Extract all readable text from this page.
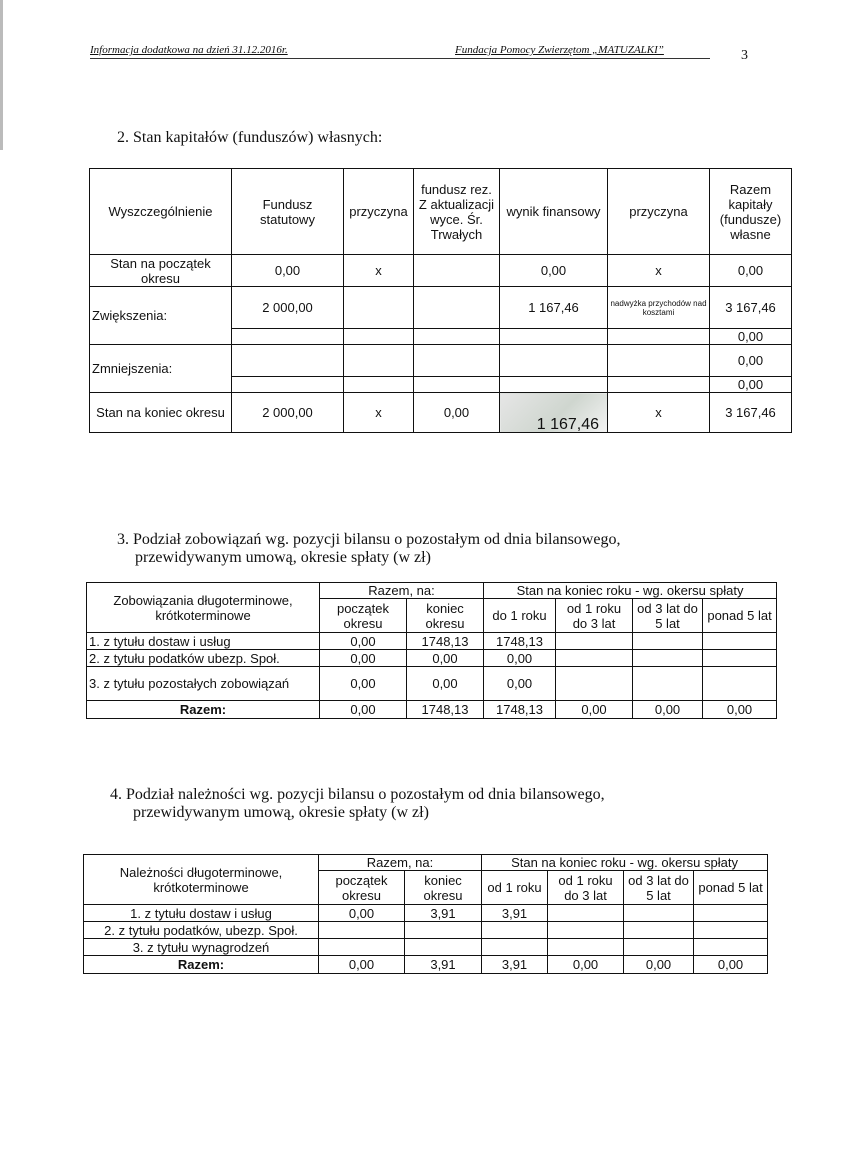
Informacja dodatkowa na dzień 31.12.2016r.	Fundacja Pomocy Zwierzętom „MATUZALKI”	3
2. Stan kapitałów (funduszów) własnych:
Wyszczególnienie	Fundusz statutowy	przyczyna	fundusz rez. Z aktualizacji wyce. Śr. Trwałych	wynik finansowy	przyczyna	Razem kapitały (fundusze) własne
Stan na początek okresu	0,00	x		0,00	x	0,00
Zwiększenia:	2 000,00			1 167,46	nadwyżka przychodów nad kosztami	3 167,46
						0,00
Zmniejszenia:						0,00
						0,00
Stan na koniec okresu	2 000,00	x	0,00	1 167,46	x	3 167,46
3. Podział zobowiązań wg. pozycji bilansu o pozostałym od dnia bilansowego,
przewidywanym umową, okresie spłaty (w zł)
Zobowiązania długoterminowe, krótkoterminowe	Razem, na:		Stan na koniec roku - wg. okersu spłaty			
	początek okresu	koniec okresu	do 1 roku	od 1 roku do 3 lat	od 3 lat do 5 lat	ponad 5 lat
1. z tytułu dostaw i usług	0,00	1748,13	1748,13			
2. z tytułu podatków ubezp. Społ.	0,00	0,00	0,00			
3. z tytułu pozostałych zobowiązań	0,00	0,00	0,00			
Razem:	0,00	1748,13	1748,13	0,00	0,00	0,00
4. Podział należności wg. pozycji bilansu o pozostałym od dnia bilansowego,
przewidywanym umową, okresie spłaty (w zł)
Należności długoterminowe, krótkoterminowe	Razem, na:		Stan na koniec roku - wg. okersu spłaty			
	początek okresu	koniec okresu	od 1 roku	od 1 roku do 3 lat	od 3 lat do 5 lat	ponad 5 lat
1. z tytułu dostaw i usług	0,00	3,91	3,91			
2. z tytułu podatków, ubezp. Społ.						
3. z tytułu wynagrodzeń						
Razem:	0,00	3,91	3,91	0,00	0,00	0,00
